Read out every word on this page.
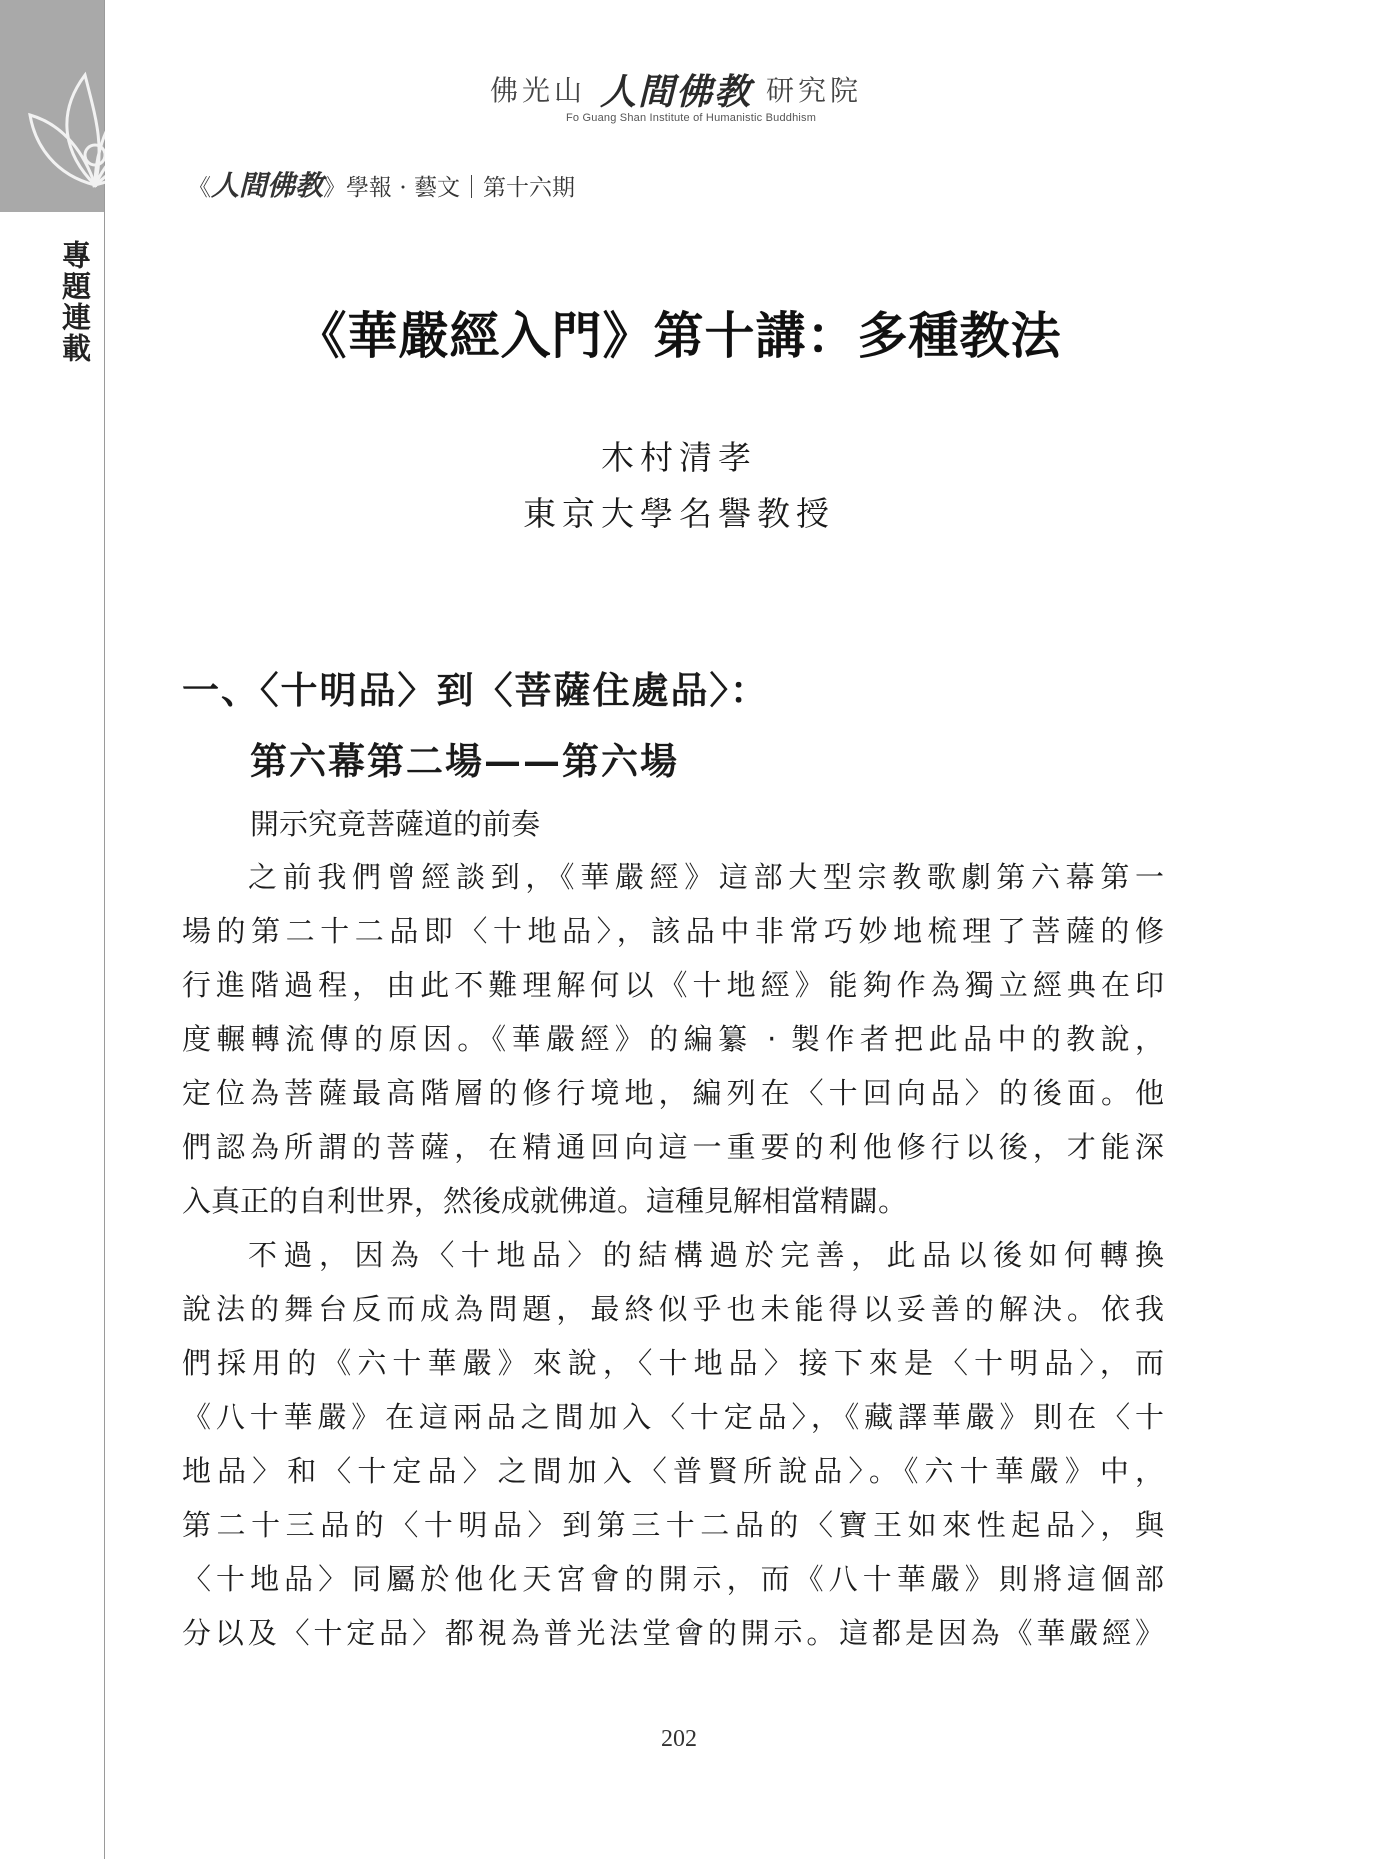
專題連載
佛光山 人間佛教 研究院
Fo Guang Shan Institute of Humanistic Buddhism
《 人間佛教 》學報 · 藝文｜第十六期
《華嚴經入門》第十講：多種教法
木村清孝
東京大學名譽教授
一、〈十明品〉到〈菩薩住處品〉：
第六幕第二場——第六場
開示究竟菩薩道的前奏

之前我們曾經談到，《華嚴經》這部大型宗教歌劇第六幕第一
場的第二十二品即〈十地品〉，該品中非常巧妙地梳理了菩薩的修
行進階過程，由此不難理解何以《十地經》能夠作為獨立經典在印
度輾轉流傳的原因。《華嚴經》的編纂 · 製作者把此品中的教說，
定位為菩薩最高階層的修行境地，編列在〈十回向品〉的後面。他
們認為所謂的菩薩，在精通回向這一重要的利他修行以後，才能深
入真正的自利世界，然後成就佛道。這種見解相當精闢。

不過，因為〈十地品〉的結構過於完善，此品以後如何轉換
說法的舞台反而成為問題，最終似乎也未能得以妥善的解決。依我
們採用的《六十華嚴》來說，〈十地品〉接下來是〈十明品〉，而
《八十華嚴》在這兩品之間加入〈十定品〉，《藏譯華嚴》則在〈十
地品〉和〈十定品〉之間加入〈普賢所說品〉。《六十華嚴》中，
第二十三品的〈十明品〉到第三十二品的〈寶王如來性起品〉，與
〈十地品〉同屬於他化天宮會的開示，而《八十華嚴》則將這個部
分以及〈十定品〉都視為普光法堂會的開示。這都是因為《華嚴經》

202
